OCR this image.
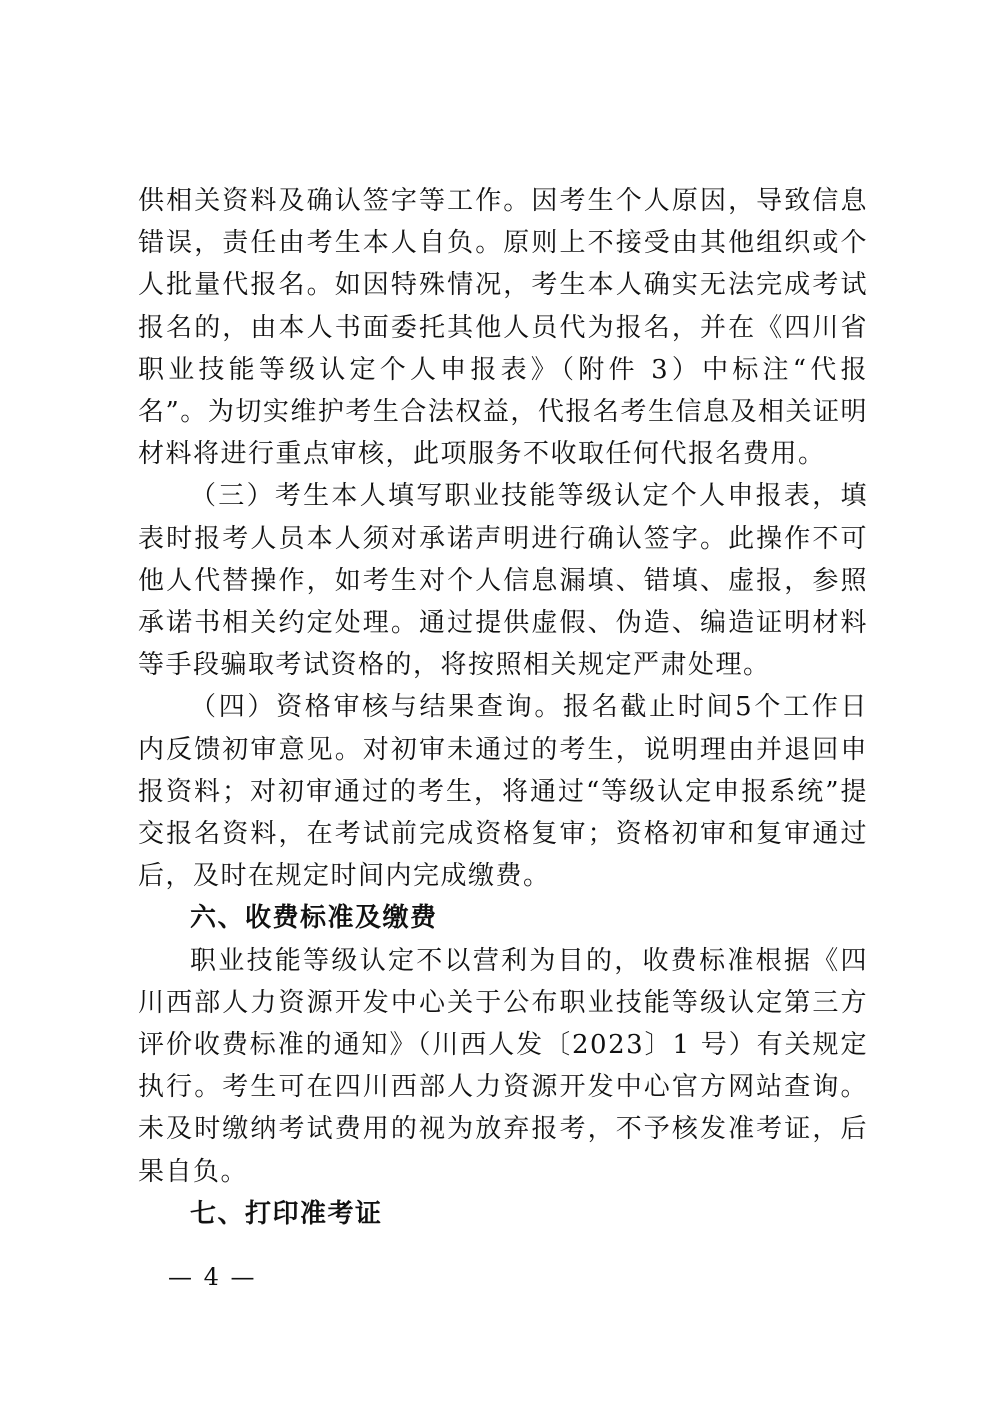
供相关资料及确认签字等工作。因考生个人原因，导致信息错误，责任由考生本人自负。原则上不接受由其他组织或个人批量代报名。如因特殊情况，考生本人确实无法完成考试报名的，由本人书面委托其他人员代为报名，并在《四川省职业技能等级认定个人申报表》（附件 3）中标注“代报名”。为切实维护考生合法权益，代报名考生信息及相关证明材料将进行重点审核，此项服务不收取任何代报名费用。

（三）考生本人填写职业技能等级认定个人申报表，填表时报考人员本人须对承诺声明进行确认签字。此操作不可他人代替操作，如考生对个人信息漏填、错填、虚报，参照承诺书相关约定处理。通过提供虚假、伪造、编造证明材料等手段骗取考试资格的，将按照相关规定严肃处理。

（四）资格审核与结果查询。报名截止时间5个工作日内反馈初审意见。对初审未通过的考生，说明理由并退回申报资料；对初审通过的考生，将通过“等级认定申报系统”提交报名资料，在考试前完成资格复审；资格初审和复审通过后，及时在规定时间内完成缴费。

六、收费标准及缴费

职业技能等级认定不以营利为目的，收费标准根据《四川西部人力资源开发中心关于公布职业技能等级认定第三方评价收费标准的通知》（川西人发〔2023〕1 号）有关规定执行。考生可在四川西部人力资源开发中心官方网站查询。未及时缴纳考试费用的视为放弃报考，不予核发准考证，后果自负。

七、打印准考证

— 4 —
